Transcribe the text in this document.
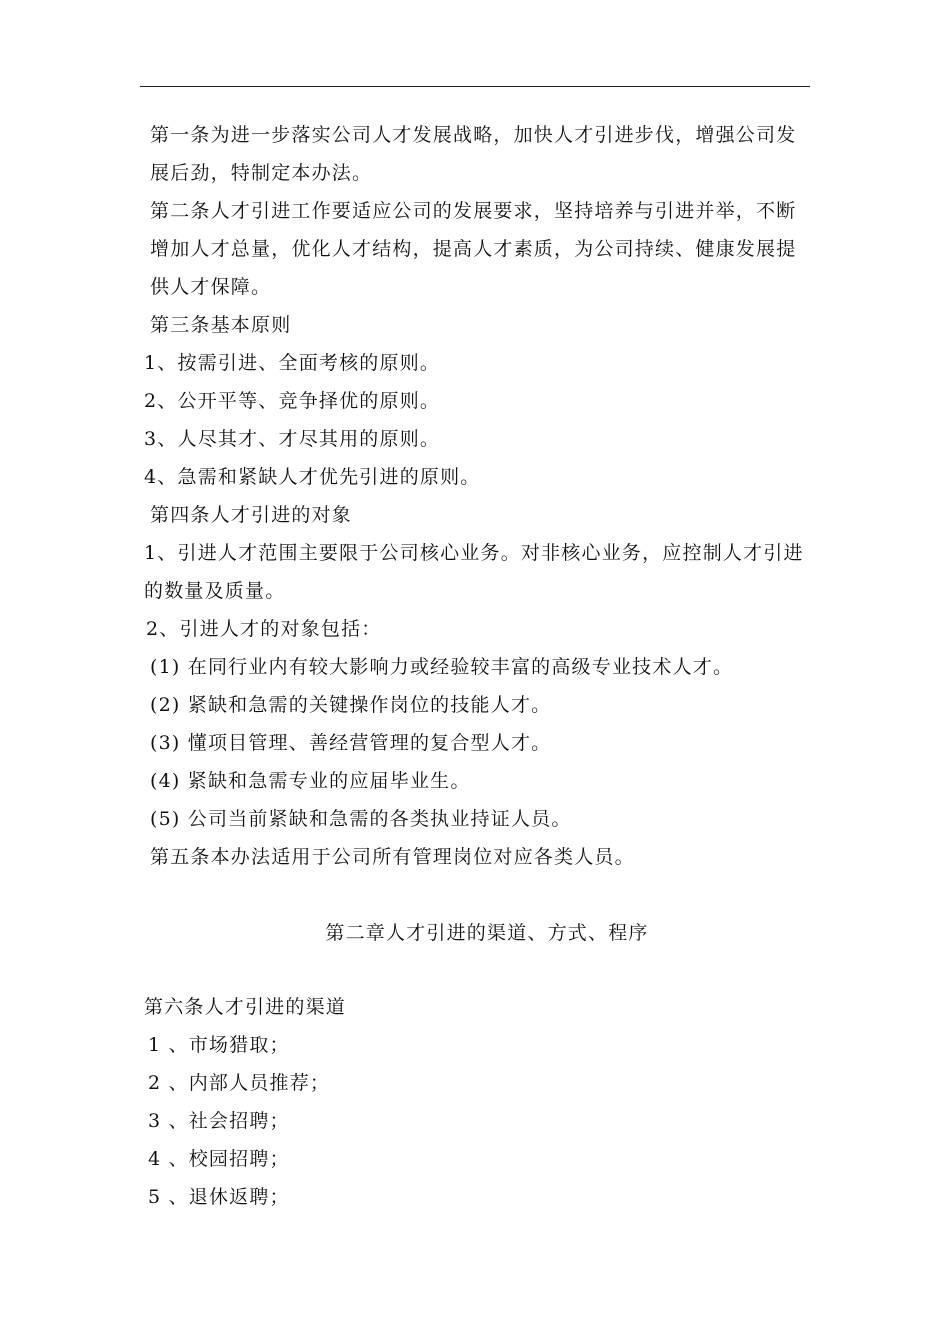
第一条为进一步落实公司人才发展战略，加快人才引进步伐，增强公司发展后劲，特制定本办法。

第二条人才引进工作要适应公司的发展要求，坚持培养与引进并举，不断增加人才总量，优化人才结构，提高人才素质，为公司持续、健康发展提供人才保障。

第三条基本原则

1、按需引进、全面考核的原则。

2、公开平等、竞争择优的原则。

3、人尽其才、才尽其用的原则。

4、急需和紧缺人才优先引进的原则。

第四条人才引进的对象

1、引进人才范围主要限于公司核心业务。对非核心业务，应控制人才引进的数量及质量。

2、引进人才的对象包括：

(1) 在同行业内有较大影响力或经验较丰富的高级专业技术人才。

(2) 紧缺和急需的关键操作岗位的技能人才。

(3) 懂项目管理、善经营管理的复合型人才。

(4) 紧缺和急需专业的应届毕业生。

(5) 公司当前紧缺和急需的各类执业持证人员。

第五条本办法适用于公司所有管理岗位对应各类人员。

第二章人才引进的渠道、方式、程序

第六条人才引进的渠道

1 、市场猎取；

2 、内部人员推荐；

3 、社会招聘；

4 、校园招聘；

5 、退休返聘；
